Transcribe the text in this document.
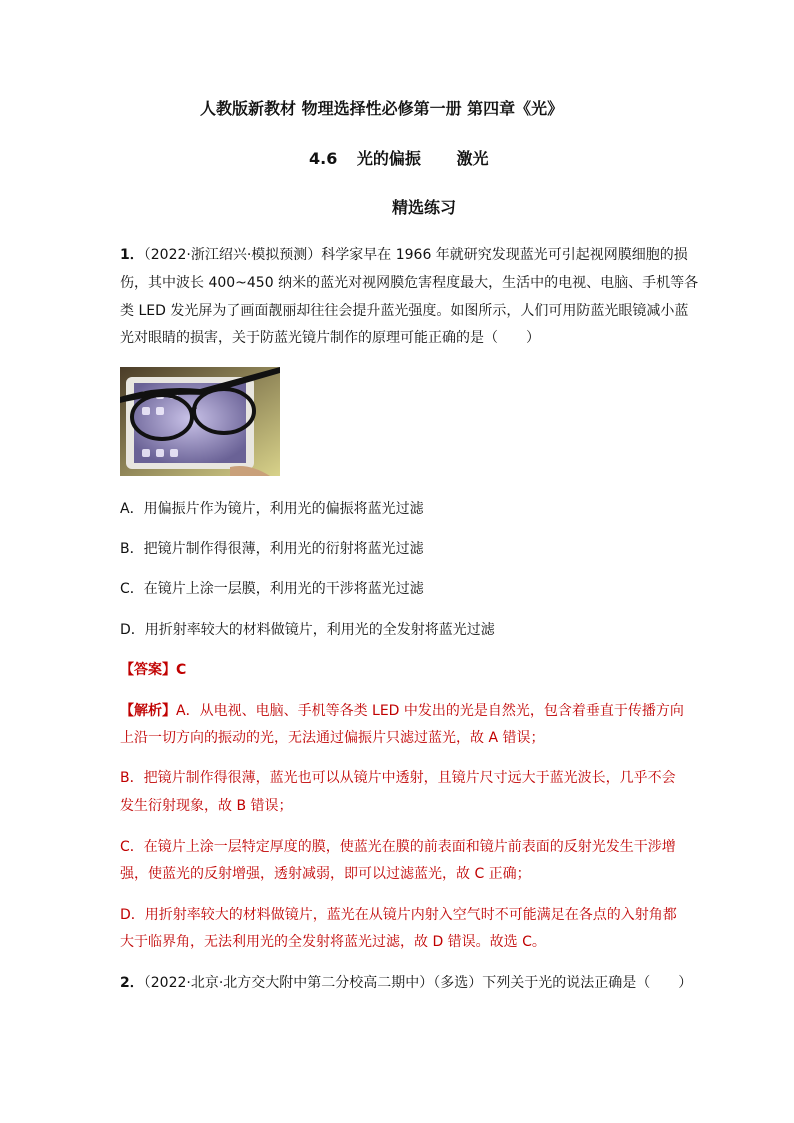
人教版新教材 物理选择性必修第一册 第四章《光》
4.6 光的偏振 激光
精选练习
1．（2022·浙江绍兴·模拟预测）科学家早在 1966 年就研究发现蓝光可引起视网膜细胞的损
伤，其中波长 400~450 纳米的蓝光对视网膜危害程度最大，生活中的电视、电脑、手机等各
类 LED 发光屏为了画面靓丽却往往会提升蓝光强度。如图所示，人们可用防蓝光眼镜减小蓝
光对眼睛的损害，关于防蓝光镜片制作的原理可能正确的是（　　）
A．用偏振片作为镜片，利用光的偏振将蓝光过滤
B．把镜片制作得很薄，利用光的衍射将蓝光过滤
C．在镜片上涂一层膜，利用光的干涉将蓝光过滤
D．用折射率较大的材料做镜片，利用光的全发射将蓝光过滤
【答案】C
【解析】A．从电视、电脑、手机等各类 LED 中发出的光是自然光，包含着垂直于传播方向
上沿一切方向的振动的光，无法通过偏振片只滤过蓝光，故 A 错误；
B．把镜片制作得很薄，蓝光也可以从镜片中透射，且镜片尺寸远大于蓝光波长，几乎不会
发生衍射现象，故 B 错误；
C．在镜片上涂一层特定厚度的膜，使蓝光在膜的前表面和镜片前表面的反射光发生干涉增
强，使蓝光的反射增强，透射减弱，即可以过滤蓝光，故 C 正确；
D．用折射率较大的材料做镜片，蓝光在从镜片内射入空气时不可能满足在各点的入射角都
大于临界角，无法利用光的全发射将蓝光过滤，故 D 错误。故选 C。
2．（2022·北京·北方交大附中第二分校高二期中）（多选）下列关于光的说法正确是（　　）
